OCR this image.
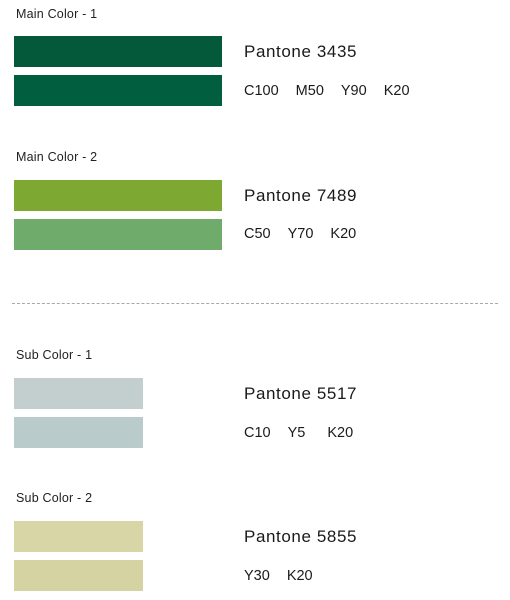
Main Color - 1
Pantone 3435
C100 M50 Y90 K20
Main Color - 2
Pantone 7489
C50 Y70 K20
Sub Color - 1
Pantone 5517
C10 Y5 K20
Sub Color - 2
Pantone 5855
Y30 K20
